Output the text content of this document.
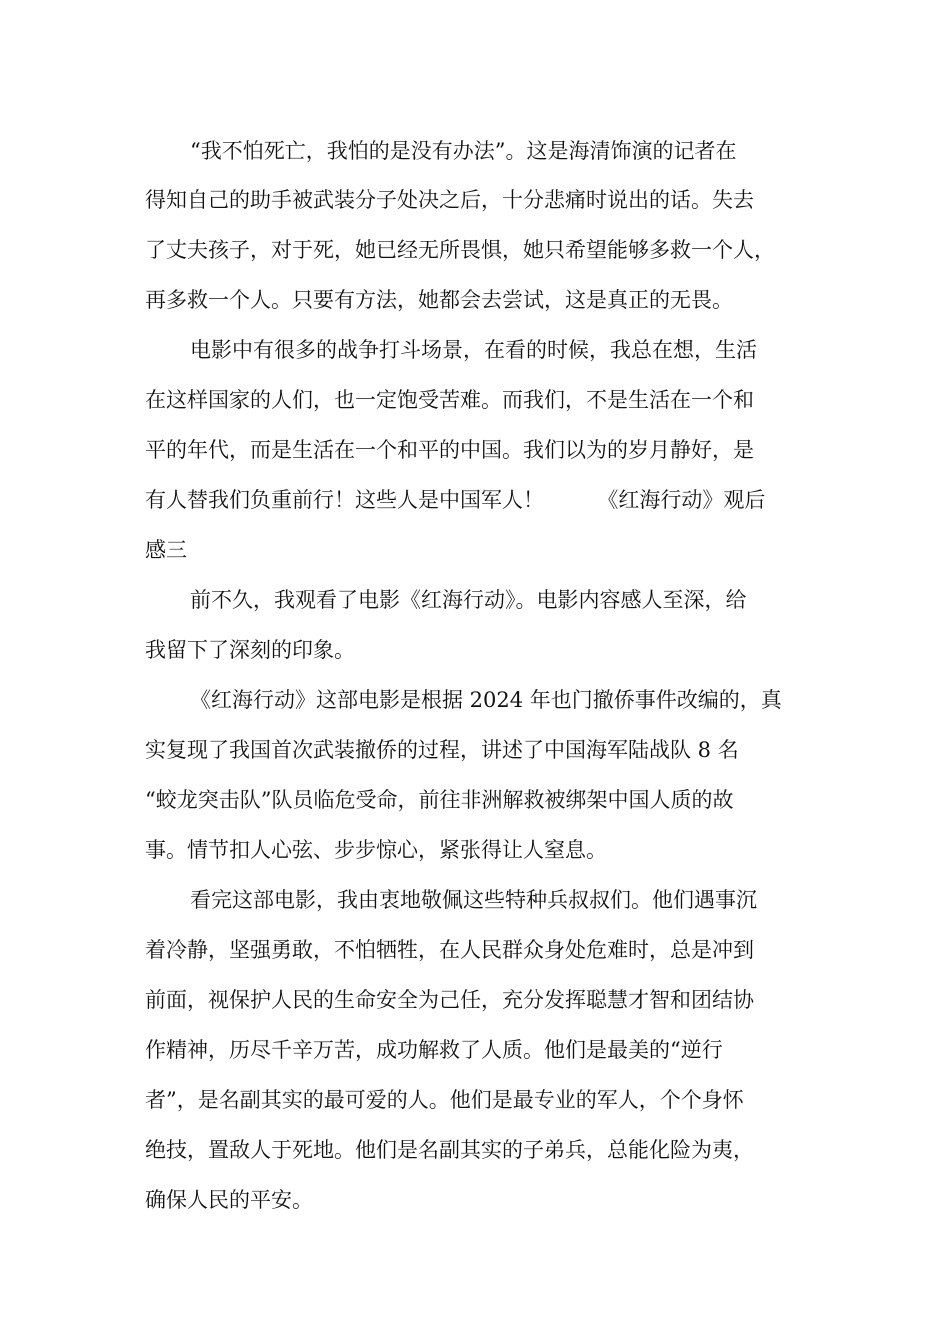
“我不怕死亡，我怕的是没有办法”。这是海清饰演的记者在
得知自己的助手被武装分子处决之后，十分悲痛时说出的话。失去
了丈夫孩子，对于死，她已经无所畏惧，她只希望能够多救一个人，
再多救一个人。只要有方法，她都会去尝试，这是真正的无畏。
电影中有很多的战争打斗场景，在看的时候，我总在想，生活
在这样国家的人们，也一定饱受苦难。而我们，不是生活在一个和
平的年代，而是生活在一个和平的中国。我们以为的岁月静好，是
有人替我们负重前行！这些人是中国军人！        《红海行动》观后
感三
前不久，我观看了电影《红海行动》。电影内容感人至深，给
我留下了深刻的印象。
《红海行动》这部电影是根据 2024 年也门撤侨事件改编的，真
实复现了我国首次武装撤侨的过程，讲述了中国海军陆战队 8 名
“蛟龙突击队”队员临危受命，前往非洲解救被绑架中国人质的故
事。情节扣人心弦、步步惊心，紧张得让人窒息。
看完这部电影，我由衷地敬佩这些特种兵叔叔们。他们遇事沉
着冷静，坚强勇敢，不怕牺牲，在人民群众身处危难时，总是冲到
前面，视保护人民的生命安全为己任，充分发挥聪慧才智和团结协
作精神，历尽千辛万苦，成功解救了人质。他们是最美的“逆行
者”，是名副其实的最可爱的人。他们是最专业的军人，个个身怀
绝技，置敌人于死地。他们是名副其实的子弟兵，总能化险为夷，
确保人民的平安。
